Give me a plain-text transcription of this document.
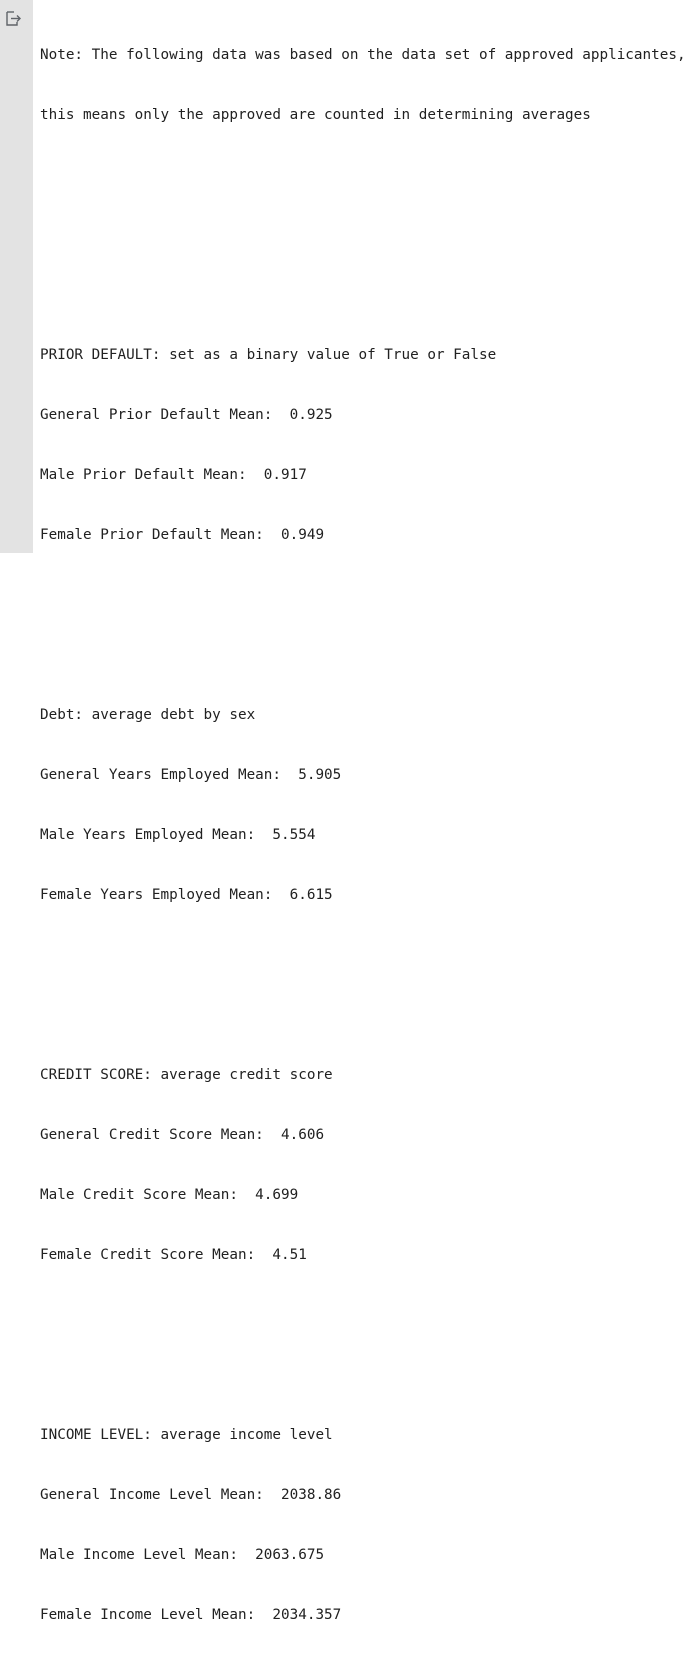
Note: The following data was based on the data set of approved applicantes,

this means only the approved are counted in determining averages

PRIOR DEFAULT: set as a binary value of True or False

General Prior Default Mean:  0.925

Male Prior Default Mean:  0.917

Female Prior Default Mean:  0.949

Debt: average debt by sex

General Years Employed Mean:  5.905

Male Years Employed Mean:  5.554

Female Years Employed Mean:  6.615

CREDIT SCORE: average credit score

General Credit Score Mean:  4.606

Male Credit Score Mean:  4.699

Female Credit Score Mean:  4.51

INCOME LEVEL: average income level

General Income Level Mean:  2038.86

Male Income Level Mean:  2063.675

Female Income Level Mean:  2034.357
